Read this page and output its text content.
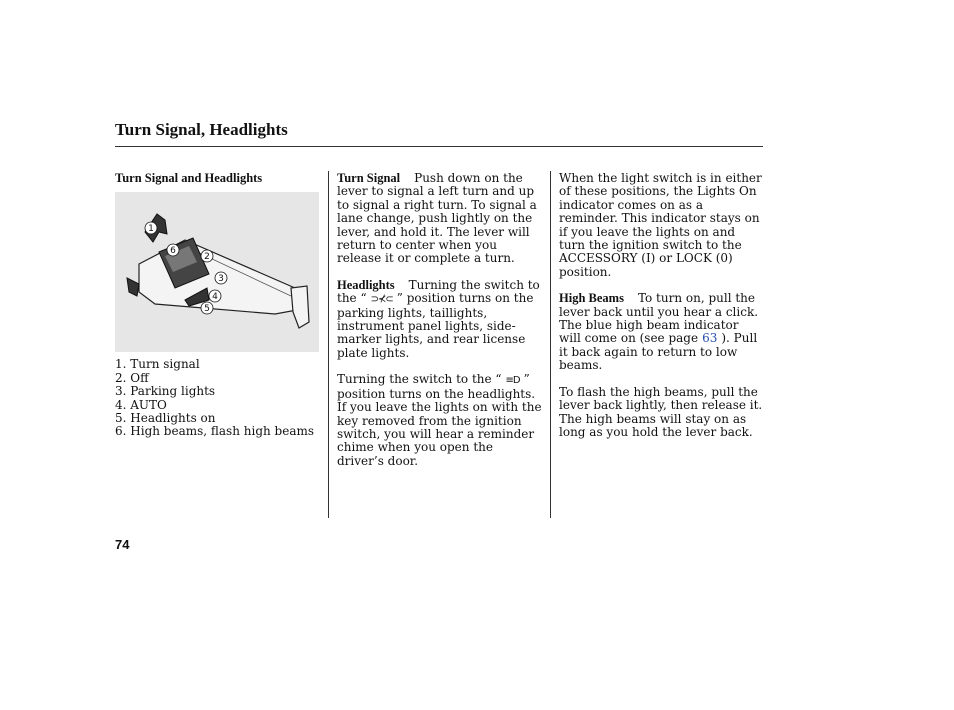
Turn Signal, Headlights
Turn Signal and Headlights
1
2
3
4
5
6
1. Turn signal
2. Off
3. Parking lights
4. AUTO
5. Headlights on
6. High beams, flash high beams

Turn Signal Push down on the lever to signal a left turn and up to signal a right turn. To signal a lane change, push lightly on the lever, and hold it. The lever will return to center when you release it or complete a turn.

Headlights Turning the switch to the “ ⊃⊀⊂ ” position turns on the parking lights, taillights, instrument panel lights, side-marker lights, and rear license plate lights.

Turning the switch to the “ ≡D ” position turns on the headlights. If you leave the lights on with the key removed from the ignition switch, you will hear a reminder chime when you open the driver’s door.

When the light switch is in either of these positions, the Lights On indicator comes on as a reminder. This indicator stays on if you leave the lights on and turn the ignition switch to the ACCESSORY (I) or LOCK (0) position.

High Beams To turn on, pull the lever back until you hear a click. The blue high beam indicator will come on (see page 63 ). Pull it back again to return to low beams.

To flash the high beams, pull the lever back lightly, then release it. The high beams will stay on as long as you hold the lever back.

74
